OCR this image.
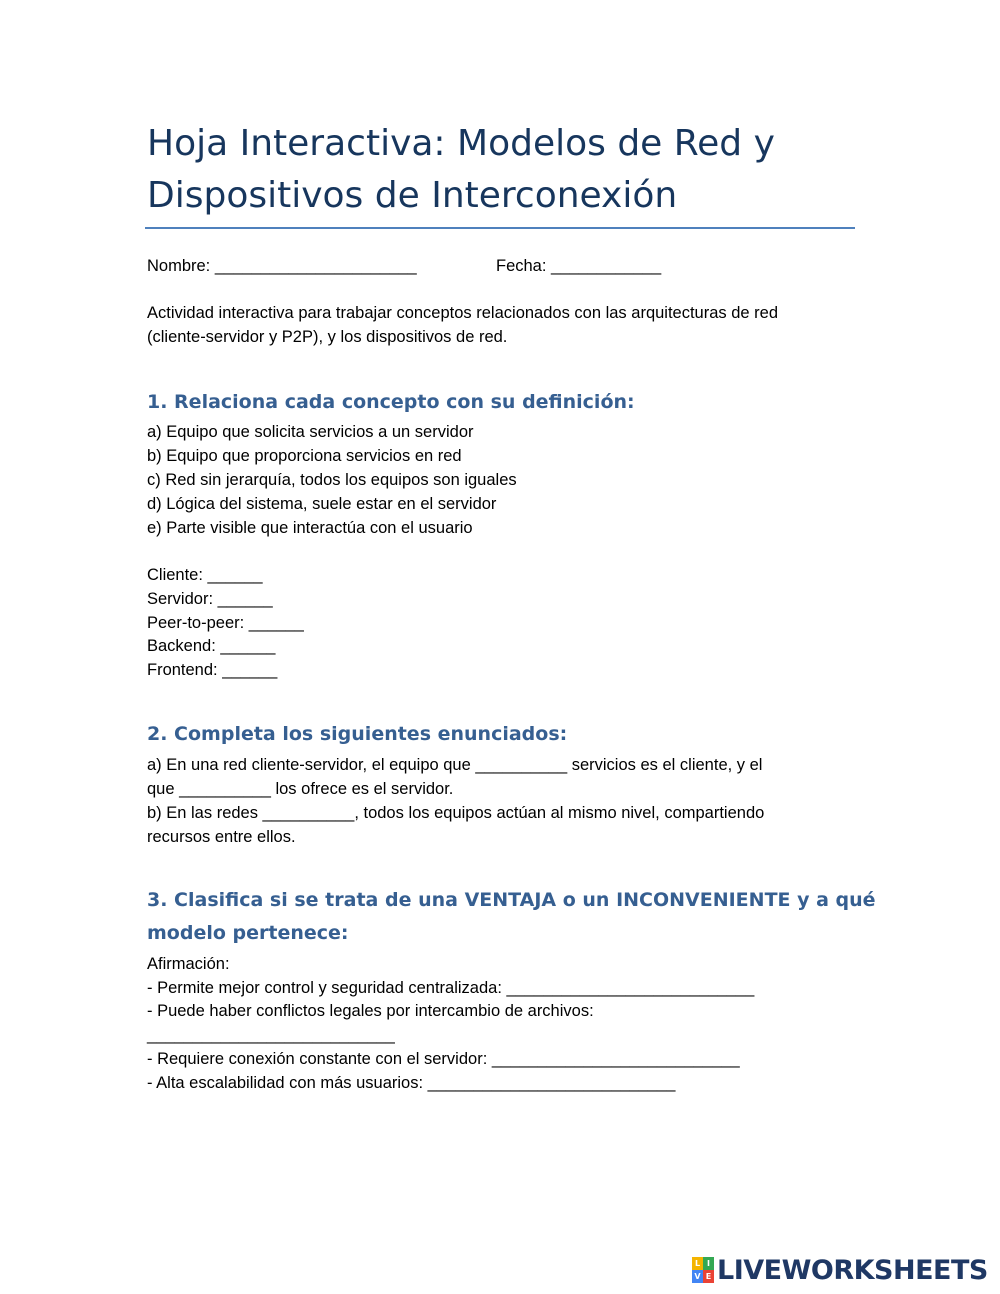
Hoja Interactiva: Modelos de Red y
Dispositivos de Interconexión
Nombre: ______________________	Fecha: ____________
Actividad interactiva para trabajar conceptos relacionados con las arquitecturas de red
(cliente-servidor y P2P), y los dispositivos de red.
1. Relaciona cada concepto con su definición:
a) Equipo que solicita servicios a un servidor
b) Equipo que proporciona servicios en red
c) Red sin jerarquía, todos los equipos son iguales
d) Lógica del sistema, suele estar en el servidor
e) Parte visible que interactúa con el usuario
Cliente: ______
Servidor: ______
Peer-to-peer: ______
Backend: ______
Frontend: ______
2. Completa los siguientes enunciados:
a) En una red cliente-servidor, el equipo que __________ servicios es el cliente, y el
que __________ los ofrece es el servidor.
b) En las redes __________, todos los equipos actúan al mismo nivel, compartiendo
recursos entre ellos.
3. Clasifica si se trata de una VENTAJA o un INCONVENIENTE y a qué
modelo pertenece:
Afirmación:
- Permite mejor control y seguridad centralizada: ___________________________
- Puede haber conflictos legales por intercambio de archivos:
___________________________
- Requiere conexión constante con el servidor: ___________________________
- Alta escalabilidad con más usuarios: ___________________________
L I
V E LIVEWORKSHEETS
